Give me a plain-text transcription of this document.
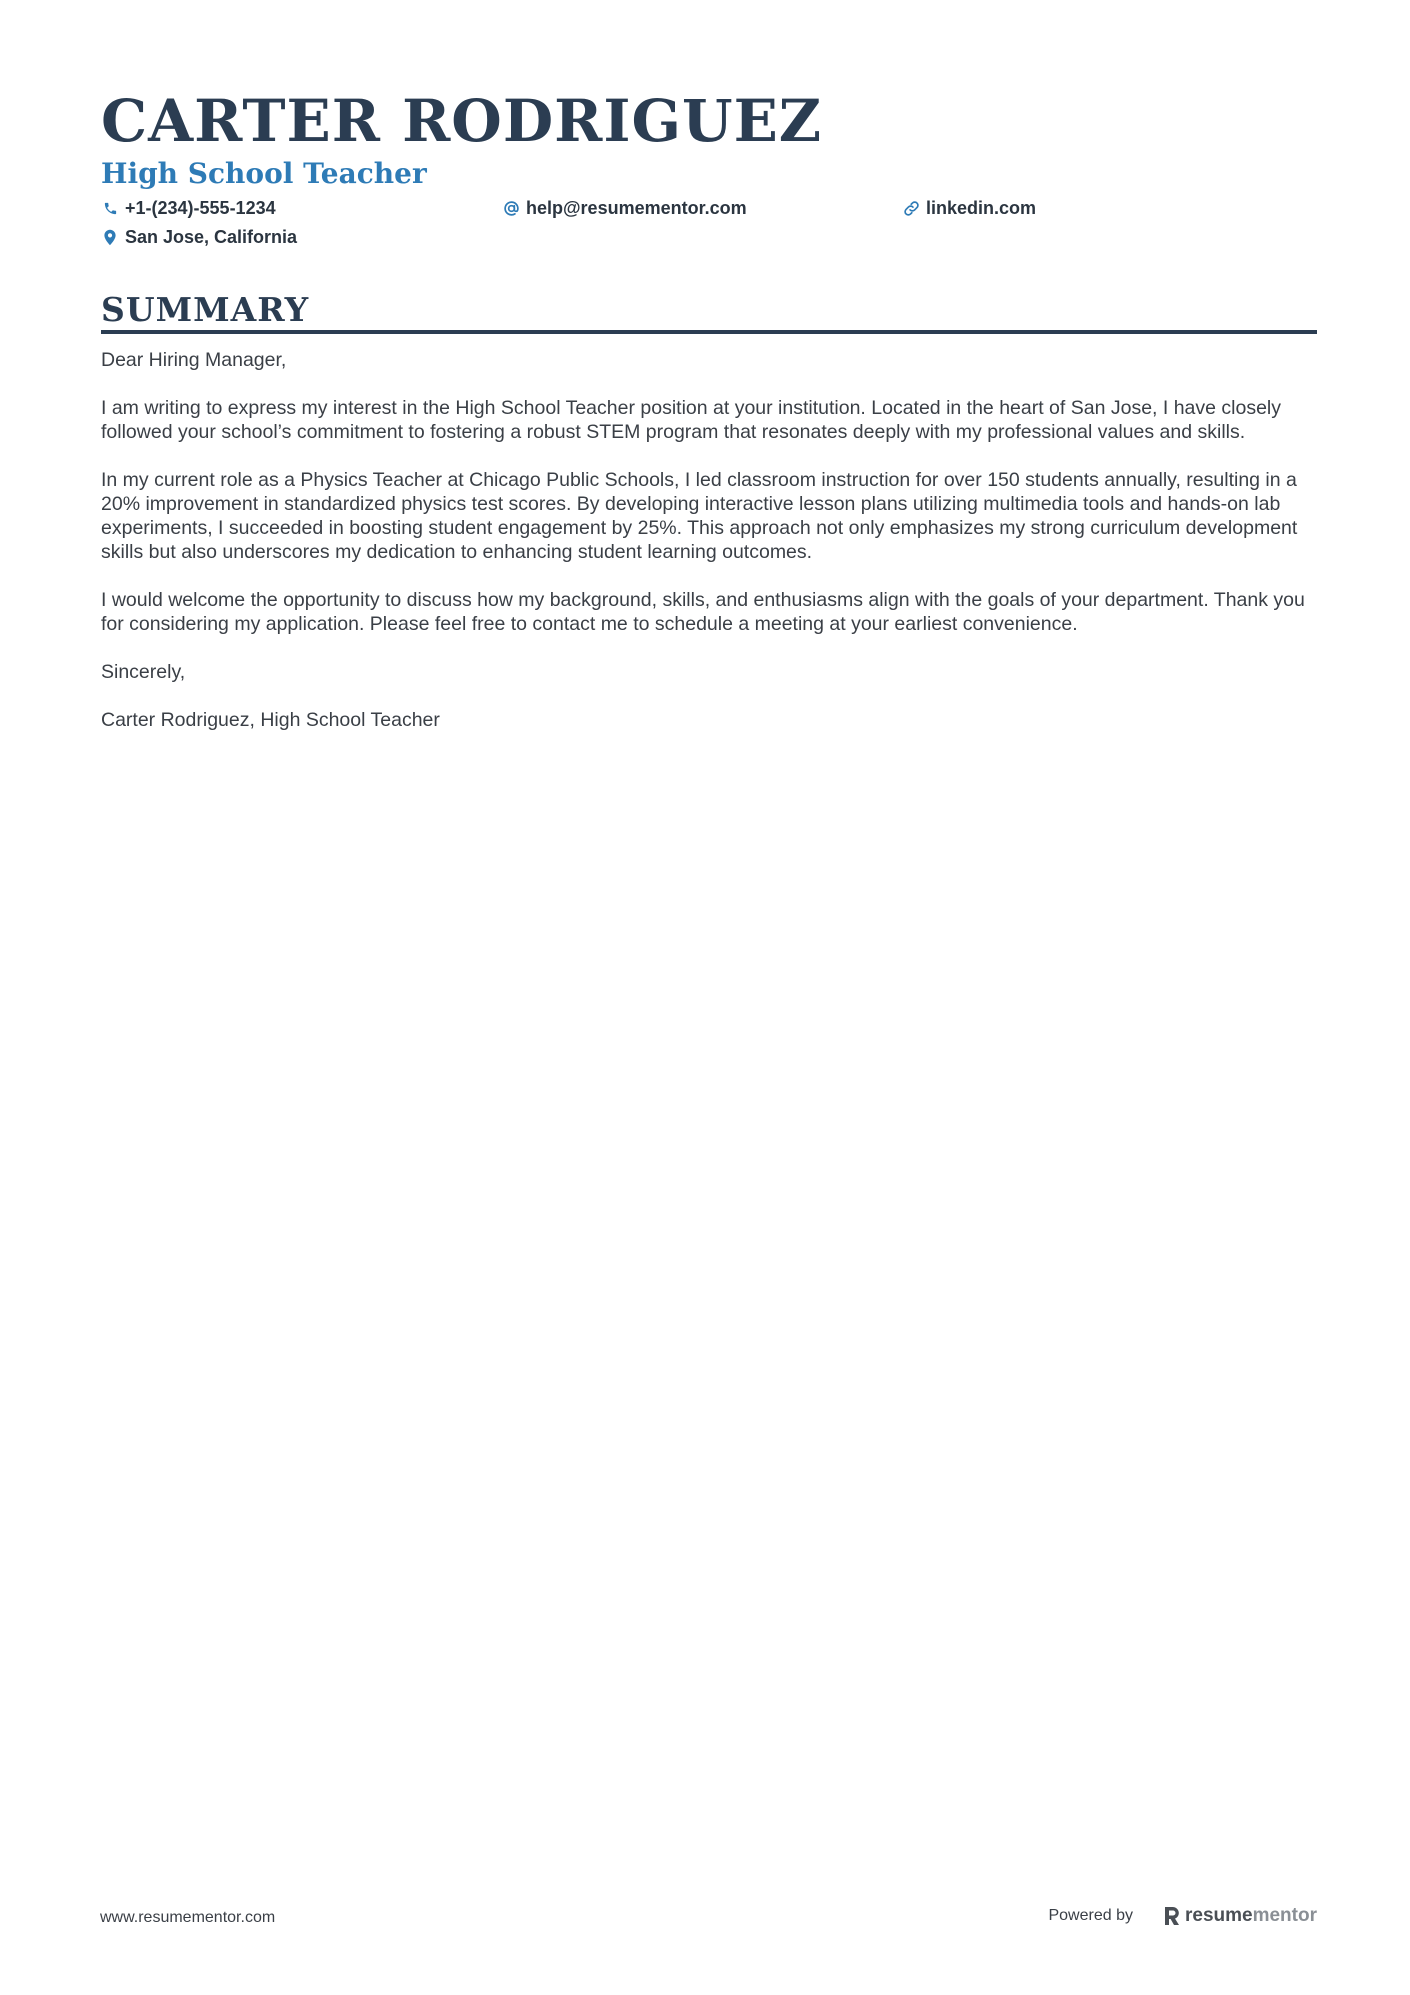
CARTER RODRIGUEZ
High School Teacher
+1-(234)-555-1234	help@resumementor.com	linkedin.com
San Jose, California
SUMMARY

Dear Hiring Manager,

I am writing to express my interest in the High School Teacher position at your institution. Located in the heart of San Jose, I have closely followed your school’s commitment to fostering a robust STEM program that resonates deeply with my professional values and skills.

In my current role as a Physics Teacher at Chicago Public Schools, I led classroom instruction for over 150 students annually, resulting in a 20% improvement in standardized physics test scores. By developing interactive lesson plans utilizing multimedia tools and hands-on lab experiments, I succeeded in boosting student engagement by 25%. This approach not only emphasizes my strong curriculum development skills but also underscores my dedication to enhancing student learning outcomes.

I would welcome the opportunity to discuss how my background, skills, and enthusiasms align with the goals of your department. Thank you for considering my application. Please feel free to contact me to schedule a meeting at your earliest convenience.

Sincerely,

Carter Rodriguez, High School Teacher

www.resumementor.com	Powered by	resume mentor
